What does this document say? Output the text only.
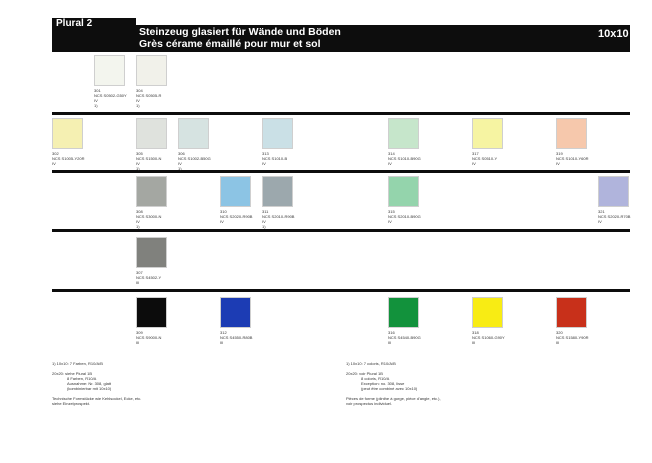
Plural 2
Steinzeug glasiert für Wände und Böden
Grès cérame émaillé pour mur et sol
10x10
301
NCS S0502-G50Y
IV
1)
304
NCS S0505-R
IV
1)
302
NCS S1005-Y20R
IV
305
NCS S1500-N
IV
1)
306
NCS S1002-B50G
IV
1)
313
NCS S1010-B
IV
314
NCS S1010-B90G
IV
317
NCS S0510-Y
IV
319
NCS S1010-Y60R
IV
308
NCS S3000-N
IV
1)
310
NCS S2020-R90B
IV
311
NCS S2010-R90B
IV
1)
315
NCS S2010-B90G
IV
321
NCS S2020-R70B
IV
307
NCS S4502-Y
III
309
NCS S9000-N
III
312
NCS S4550-R80B
III
316
NCS S4540-B90G
III
318
NCS S1060-G90Y
III
320
NCS S1580-Y90R
III
1) 10x10: 7 Farben, R10/A/B
20x20: siehe Plural 1B
8 Farben, R10/A
Ausnahme: Nr. 308, glatt
(kombinierbar mit 10x10)
Technische Formstücke wie Kehlsockel, Ecke, etc.
siehe Einzelprospekt.
1) 10x10: 7 coloris, R10/A/B
20x20: voir Plural 1B
8 coloris, R10/A
Exception: no. 308, lisse
(peut être combiné avec 10x10)
Pièces de forme (plinthe à gorge, pièce d'angle, etc.),
voir prospectus individuel.
